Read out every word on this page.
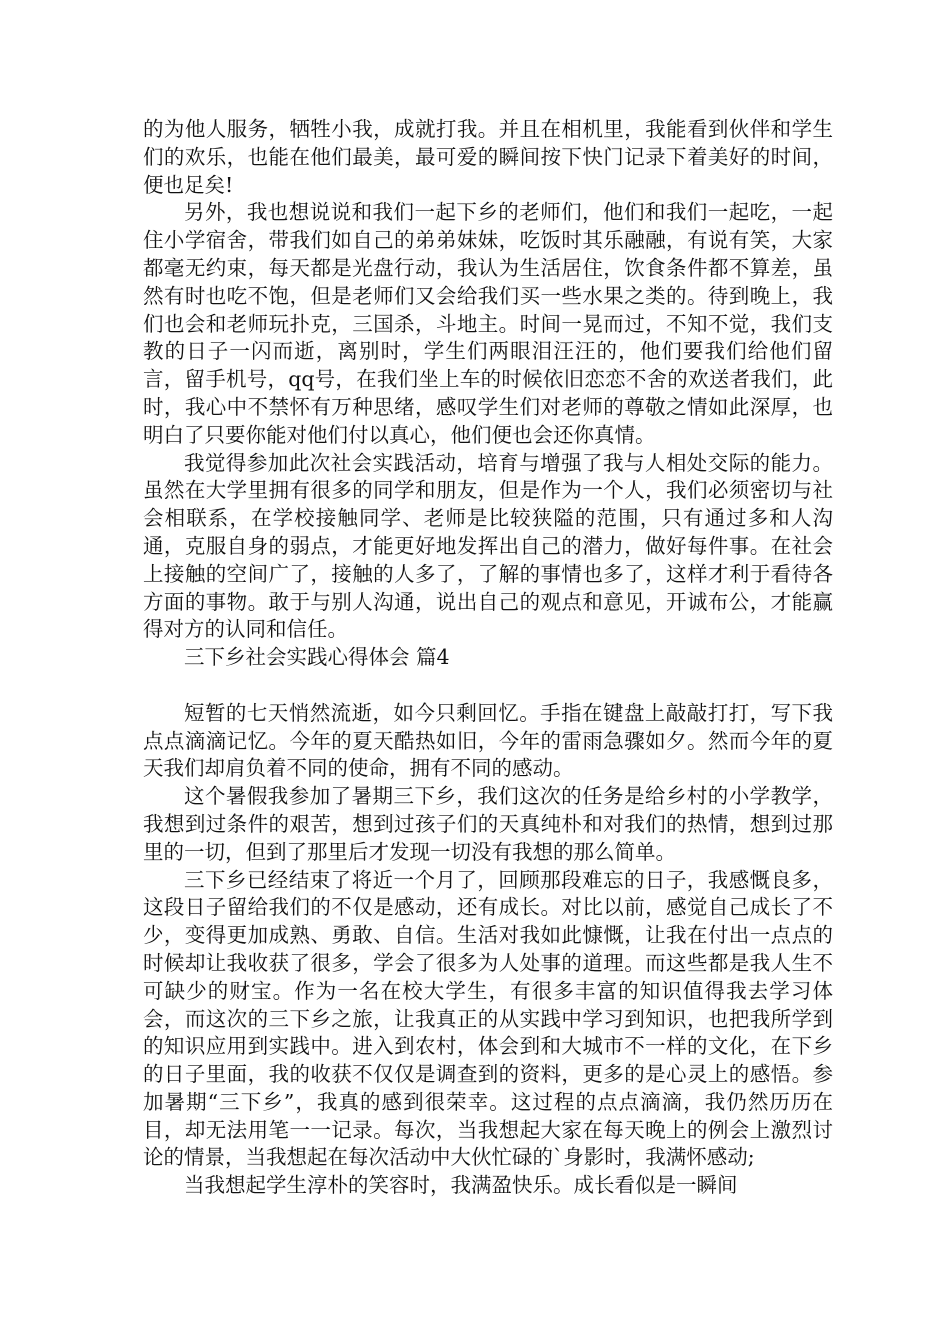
的为他人服务，牺牲小我，成就打我。并且在相机里，我能看到伙伴和学生们的欢乐，也能在他们最美，最可爱的瞬间按下快门记录下着美好的时间，便也足矣!

另外，我也想说说和我们一起下乡的老师们，他们和我们一起吃，一起住小学宿舍，带我们如自己的弟弟妹妹，吃饭时其乐融融，有说有笑，大家都毫无约束，每天都是光盘行动，我认为生活居住，饮食条件都不算差，虽然有时也吃不饱，但是老师们又会给我们买一些水果之类的。待到晚上，我们也会和老师玩扑克，三国杀，斗地主。时间一晃而过，不知不觉，我们支教的日子一闪而逝，离别时，学生们两眼泪汪汪的，他们要我们给他们留言，留手机号，qq号，在我们坐上车的时候依旧恋恋不舍的欢送者我们，此时，我心中不禁怀有万种思绪，感叹学生们对老师的尊敬之情如此深厚，也明白了只要你能对他们付以真心，他们便也会还你真情。

我觉得参加此次社会实践活动，培育与增强了我与人相处交际的能力。虽然在大学里拥有很多的同学和朋友，但是作为一个人，我们必须密切与社会相联系，在学校接触同学、老师是比较狭隘的范围，只有通过多和人沟通，克服自身的弱点，才能更好地发挥出自己的潜力，做好每件事。在社会上接触的空间广了，接触的人多了，了解的事情也多了，这样才利于看待各方面的事物。敢于与别人沟通，说出自己的观点和意见，开诚布公，才能赢得对方的认同和信任。

三下乡社会实践心得体会 篇4

短暂的七天悄然流逝，如今只剩回忆。手指在键盘上敲敲打打，写下我点点滴滴记忆。今年的夏天酷热如旧，今年的雷雨急骤如夕。然而今年的夏天我们却肩负着不同的使命，拥有不同的感动。

这个暑假我参加了暑期三下乡，我们这次的任务是给乡村的小学教学，我想到过条件的艰苦，想到过孩子们的天真纯朴和对我们的热情，想到过那里的一切，但到了那里后才发现一切没有我想的那么简单。

三下乡已经结束了将近一个月了，回顾那段难忘的日子，我感慨良多，这段日子留给我们的不仅是感动，还有成长。对比以前，感觉自己成长了不少，变得更加成熟、勇敢、自信。生活对我如此慷慨，让我在付出一点点的时候却让我收获了很多，学会了很多为人处事的道理。而这些都是我人生不可缺少的财宝。作为一名在校大学生，有很多丰富的知识值得我去学习体会，而这次的三下乡之旅，让我真正的从实践中学习到知识，也把我所学到的知识应用到实践中。进入到农村，体会到和大城市不一样的文化，在下乡的日子里面，我的收获不仅仅是调查到的资料，更多的是心灵上的感悟。参加暑期“三下乡”，我真的感到很荣幸。这过程的点点滴滴，我仍然历历在目，却无法用笔一一记录。每次，当我想起大家在每天晚上的例会上激烈讨论的情景，当我想起在每次活动中大伙忙碌的`身影时，我满怀感动;

当我想起学生淳朴的笑容时，我满盈快乐。成长看似是一瞬间
